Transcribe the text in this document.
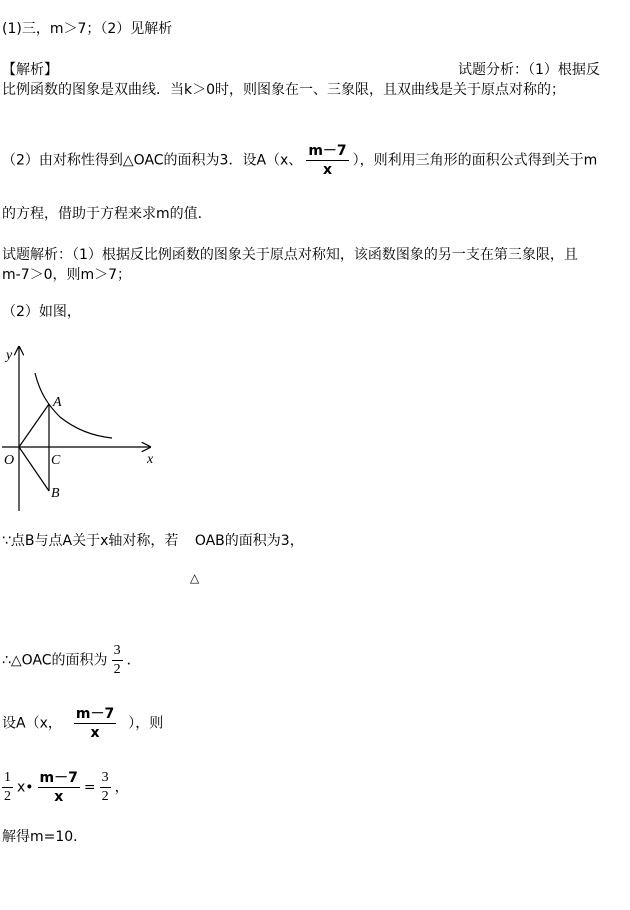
(1)三，m＞7；（2）见解析
【解析】	试题分析：（1）根据反
比例函数的图象是双曲线．当k＞0时，则图象在一、三象限，且双曲线是关于原点对称的；
（2）由对称性得到△OAC的面积为3．设A（x、 $\frac{m-7}{x}$ ），则利用三角形的面积公式得到关于m
的方程，借助于方程来求m的值．
试题解析：（1）根据反比例函数的图象关于原点对称知，该函数图象的另一支在第三象限，且
m-7＞0，则m＞7；
（2）如图，
y
x
O
A
C
B
∵点B与点A关于x轴对称，若 OAB的面积为3，
△
∴△OAC的面积为 $\frac{3}{2}$ ．
设A（x， $\frac{m-7}{x}$ ），则
$\frac{1}{2}$ x• $\frac{m-7}{x} = \frac{3}{2}$ ，
解得m=10．
